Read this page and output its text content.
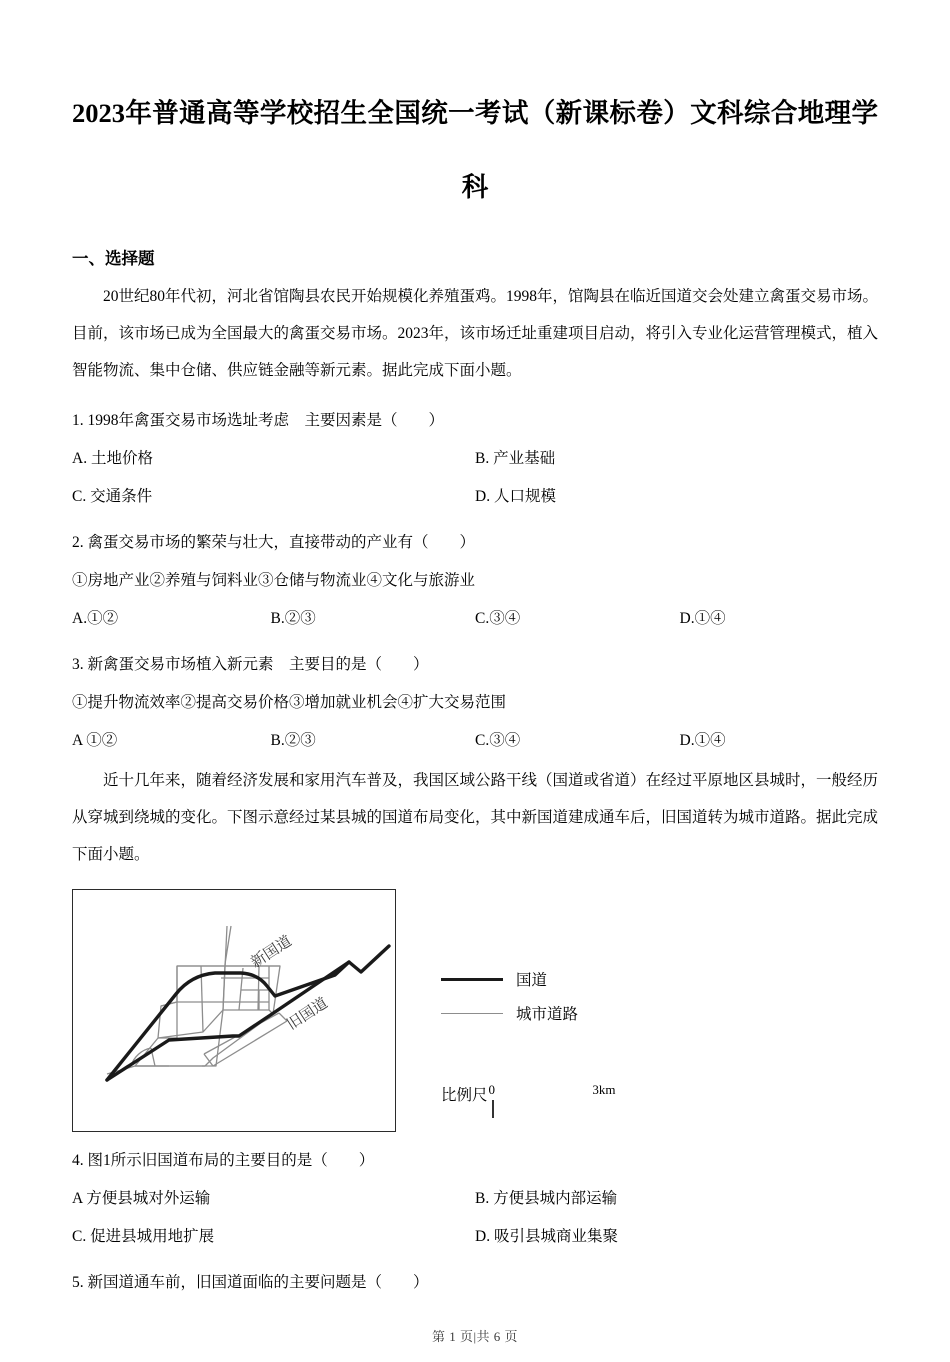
2023年普通高等学校招生全国统一考试（新课标卷）文科综合地理学
科
一、选择题

20世纪80年代初，河北省馆陶县农民开始规模化养殖蛋鸡。1998年，馆陶县在临近国道交会处建立禽蛋交易市场。目前，该市场已成为全国最大的禽蛋交易市场。2023年，该市场迁址重建项目启动，将引入专业化运营管理模式，植入智能物流、集中仓储、供应链金融等新元素。据此完成下面小题。

1. 1998年禽蛋交易市场选址考虑　主要因素是（　　）
A. 土地价格	B. 产业基础
C. 交通条件	D. 人口规模
2. 禽蛋交易市场的繁荣与壮大，直接带动的产业有（　　）
①房地产业②养殖与饲料业③仓储与物流业④文化与旅游业
A.①②	B.②③	C.③④	D.①④
3. 新禽蛋交易市场植入新元素　主要目的是（　　）
①提升物流效率②提高交易价格③增加就业机会④扩大交易范围
A ①②	B.②③	C.③④	D.①④

近十几年来，随着经济发展和家用汽车普及，我国区域公路干线（国道或省道）在经过平原地区县城时，一般经历从穿城到绕城的变化。下图示意经过某县城的国道布局变化，其中新国道建成通车后，旧国道转为城市道路。据此完成下面小题。

新国道
旧国道
国道
城市道路
比例尺 0	3km
4. 图1所示旧国道布局的主要目的是（　　）
A 方便县城对外运输	B. 方便县城内部运输
C. 促进县城用地扩展	D. 吸引县城商业集聚
5. 新国道通车前，旧国道面临的主要问题是（　　）
第 1 页|共 6 页
